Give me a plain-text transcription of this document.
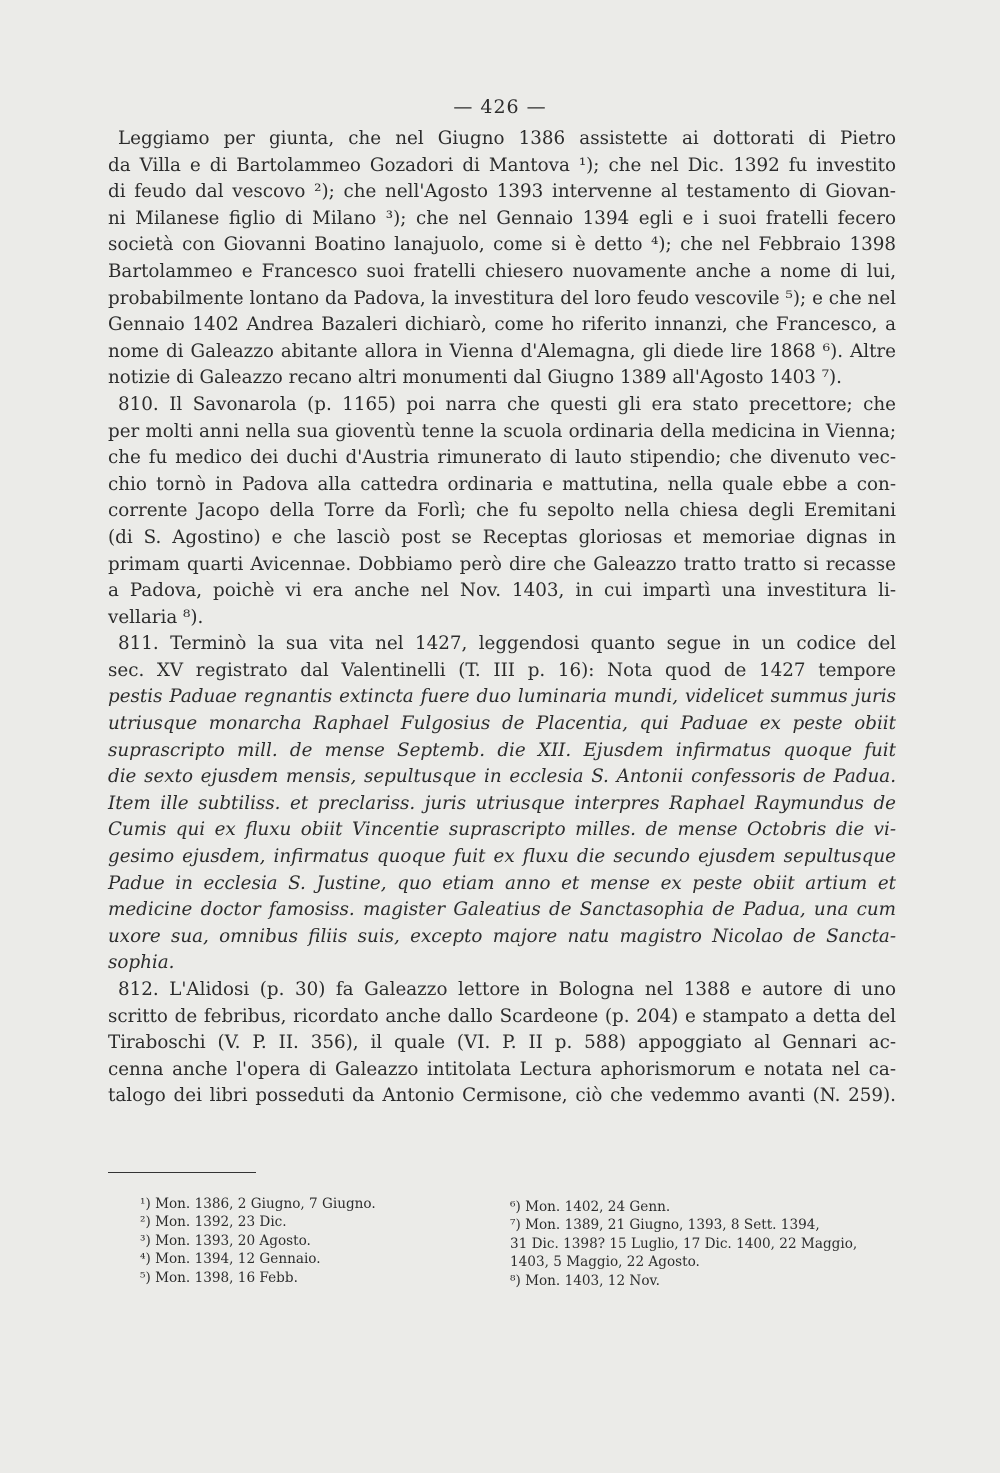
— 426 —
Leggiamo per giunta, che nel Giugno 1386 assistette ai dottorati di Pietro
da Villa e di Bartolammeo Gozadori di Mantova ¹); che nel Dic. 1392 fu investito
di feudo dal vescovo ²); che nell'Agosto 1393 intervenne al testamento di Giovan-
ni Milanese figlio di Milano ³); che nel Gennaio 1394 egli e i suoi fratelli fecero
società con Giovanni Boatino lanajuolo, come si è detto ⁴); che nel Febbraio 1398
Bartolammeo e Francesco suoi fratelli chiesero nuovamente anche a nome di lui,
probabilmente lontano da Padova, la investitura del loro feudo vescovile ⁵); e che nel
Gennaio 1402 Andrea Bazaleri dichiarò, come ho riferito innanzi, che Francesco, a
nome di Galeazzo abitante allora in Vienna d'Alemagna, gli diede lire 1868 ⁶). Altre
notizie di Galeazzo recano altri monumenti dal Giugno 1389 all'Agosto 1403 ⁷).
810. Il Savonarola (p. 1165) poi narra che questi gli era stato precettore; che
per molti anni nella sua gioventù tenne la scuola ordinaria della medicina in Vienna;
che fu medico dei duchi d'Austria rimunerato di lauto stipendio; che divenuto vec-
chio tornò in Padova alla cattedra ordinaria e mattutina, nella quale ebbe a con-
corrente Jacopo della Torre da Forlì; che fu sepolto nella chiesa degli Eremitani
(di S. Agostino) e che lasciò post se Receptas gloriosas et memoriae dignas in
primam quarti Avicennae. Dobbiamo però dire che Galeazzo tratto tratto si recasse
a Padova, poichè vi era anche nel Nov. 1403, in cui impartì una investitura li-
vellaria ⁸).
811. Terminò la sua vita nel 1427, leggendosi quanto segue in un codice del
sec. XV registrato dal Valentinelli (T. III p. 16): Nota quod de 1427 tempore
pestis Paduae regnantis extincta fuere duo luminaria mundi, videlicet summus juris
utriusque monarcha Raphael Fulgosius de Placentia, qui Paduae ex peste obiit
suprascripto mill. de mense Septemb. die XII. Ejusdem infirmatus quoque fuit
die sexto ejusdem mensis, sepultusque in ecclesia S. Antonii confessoris de Padua.
Item ille subtiliss. et preclariss. juris utriusque interpres Raphael Raymundus de
Cumis qui ex fluxu obiit Vincentie suprascripto milles. de mense Octobris die vi-
gesimo ejusdem, infirmatus quoque fuit ex fluxu die secundo ejusdem sepultusque
Padue in ecclesia S. Justine, quo etiam anno et mense ex peste obiit artium et
medicine doctor famosiss. magister Galeatius de Sanctasophia de Padua, una cum
uxore sua, omnibus filiis suis, excepto majore natu magistro Nicolao de Sancta-
sophia.
812. L'Alidosi (p. 30) fa Galeazzo lettore in Bologna nel 1388 e autore di uno
scritto de febribus, ricordato anche dallo Scardeone (p. 204) e stampato a detta del
Tiraboschi (V. P. II. 356), il quale (VI. P. II p. 588) appoggiato al Gennari ac-
cenna anche l'opera di Galeazzo intitolata Lectura aphorismorum e notata nel ca-
talogo dei libri posseduti da Antonio Cermisone, ciò che vedemmo avanti (N. 259).
¹) Mon. 1386, 2 Giugno, 7 Giugno.
²) Mon. 1392, 23 Dic.
³) Mon. 1393, 20 Agosto.
⁴) Mon. 1394, 12 Gennaio.
⁵) Mon. 1398, 16 Febb.
⁶) Mon. 1402, 24 Genn.
⁷) Mon. 1389, 21 Giugno, 1393, 8 Sett. 1394,
31 Dic. 1398? 15 Luglio, 17 Dic. 1400, 22 Maggio,
1403, 5 Maggio, 22 Agosto.
⁸) Mon. 1403, 12 Nov.
